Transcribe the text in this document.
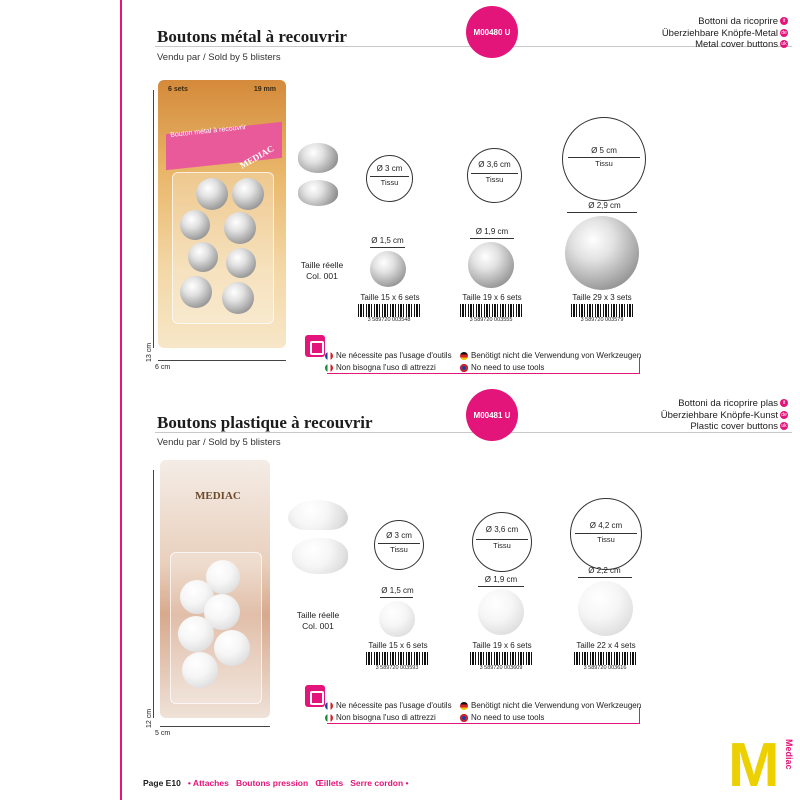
Boutons métal à recouvrir
Vendu par / Sold by 5 blisters
M00480 U
Bottoni da ricoprire it
Überziehbare Knöpfe-Metal de
Metal cover buttons uk
6 sets	19 mm
Bouton métal à recouvrir
MEDIAC
13 cm
6 cm
Taille réelle
Col. 001
Ø 3 cm
Tissu
Ø 3,6 cm
Tissu
Ø 5 cm
Tissu
Ø 1,5 cm
Ø 1,9 cm
Ø 2,9 cm
Taille 15 x 6 sets
3 589720 003548
Taille 19 x 6 sets
3 589720 003555
Taille 29 x 3 sets
3 589720 003579
Ne nécessite pas l'usage d'outils
Non bisogna l'uso di attrezzi
Benötigt nicht die Verwendung von Werkzeugen
No need to use tools
Boutons plastique à recouvrir
Vendu par / Sold by 5 blisters
M00481 U
Bottoni da ricoprire plas it
Überziehbare Knöpfe-Kunst de
Plastic cover buttons uk
MEDIAC
12 cm
5 cm
Taille réelle
Col. 001
Ø 3 cm
Tissu
Ø 3,6 cm
Tissu
Ø 4,2 cm
Tissu
Ø 1,5 cm
Ø 1,9 cm
Ø 2,2 cm
Taille 15 x 6 sets
3 589720 003593
Taille 19 x 6 sets
3 589720 003609
Taille 22 x 4 sets
3 589720 003616
Ne nécessite pas l'usage d'outils
Non bisogna l'uso di attrezzi
Benötigt nicht die Verwendung von Werkzeugen
No need to use tools
Page E10 • Attaches Boutons pression Œillets Serre cordon •	M Mediac
